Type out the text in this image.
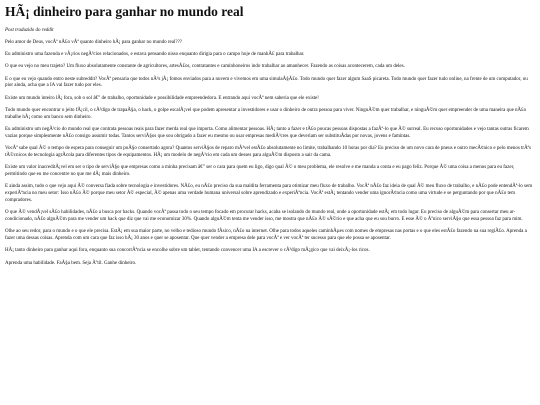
HÃ¡ dinheiro para ganhar no mundo real
Post traduzido do reddit

Pelo amor de Deus, vocÃª nÃ£o vÃª quanto dinheiro hÃ¡ para ganhar no mundo real???

Eu administro uma fazenda e vÃ¡rios negÃ³cios relacionados, e estava pensando nisso enquanto dirigia para o campo hoje de manhÃ£ para trabalhar.

O que eu vejo no meu trajeto? Um fluxo absolutamente constante de agricultores, artesÃ£os, contratantes e caminhoneiros indo trabalhar ao amanhecer. Fazendo as coisas acontecerem, cada um deles.

E o que eu vejo quando entro neste subreddit? VocÃª pensaria que todos nÃ³s jÃ¡ fomos enviados para a nuvem e vivemos em uma simulaÃ§Ã£o. Todo mundo quer fazer algum SaaS picareta. Todo mundo quer fazer tudo online, na frente de um computador, ou pior ainda, acha que a IA vai fazer tudo por eles.

Existe um mundo inteiro lÃ¡ fora, sob o sol â€” de trabalho, oportunidade e possibilidade empreendedora. E entrando aqui vocÃª nem saberia que ele existe!

Todo mundo quer encontrar o jeito fÃ¡cil, o cÃ³digo de trapaÃ§a, o hack, o golpe escalÃ¡vel que podem apresentar a investidores e usar o dinheiro de outra pessoa para viver. NinguÃ©m quer trabalhar, e ninguÃ©m quer empreender de uma maneira que nÃ£o trabalhe hÃ¡ como um banco sem dinheiro.

Eu administro um negÃ³cio do mundo real que contrata pessoas reais para fazer merda real que importa. Como alimentar pessoas. HÃ¡ tanto a fazer e tÃ£o poucas pessoas dispostas a fazÃª-lo que Ã© surreal. Eu recuso oportunidades e vejo tantas outras ficarem vazias porque simplesmente nÃ£o consigo assumir todas. Tantos serviÃ§os que sou obrigado a fazer eu mesmo ou usar empresas mediÃ³cres que deveriam ser substituÃdas por novas, jovens e famintas.

VocÃª sabe qual Ã© o tempo de espera para conseguir um poÃ§o consertado agora? Quantos serviÃ§os de reparo mÃ³vel estÃ£o absolutamente no limite, trabalhando 10 horas por dia? Eu preciso de um novo cara de pneus e outro mecÃ¢nico e pelo menos trÃªs tÃ©cnicos de tecnologia agrÃcola para diferentes tipos de equipamentos. HÃ¡ um modelo de negÃ³cio em cada um desses para alguÃ©m disposto a sair da cama.

Existe um valor inacreditÃ¡vel em ser o tipo de serviÃ§o que empresas como a minha precisam â€” ser o cara para quem eu ligo, digo qual Ã© o meu problema, ele resolve e me manda a conta e eu pago feliz. Porque Ã© uma coisa a menos para eu fazer, permitindo que eu me concentre no que me dÃ¡ mais dinheiro.

E ainda assim, tudo o que vejo aqui Ã© conversa fiada sobre tecnologia e investidores. NÃ£o, eu nÃ£o preciso da sua maldita ferramenta para otimizar meu fluxo de trabalho. VocÃª nÃ£o faz ideia de qual Ã© meu fluxo de trabalho, e nÃ£o pode entendÃª-lo sem experiÃªncia no meu setor: Isso nÃ£o Ã© porque meu setor Ã© especial, Ã© apenas uma verdade humana universal sobre aprendizado e experiÃªncia. VocÃª estÃ¡ tentando vender uma ignorÃ¢ncia como uma virtude e se perguntando por que nÃ£o tem compradores.

O que Ã© vendÃ¡vel sÃ£o habilidades, nÃ£o a busca por hacks. Quando vocÃª passa todo o seu tempo focado em procurar hacks, acaba se isolando do mundo real, onde a oportunidade estÃ¡ em todo lugar. Eu preciso de alguÃ©m para consertar meu ar-condicionado, nÃ£o alguÃ©m para me vender um hack que diz que vai me economizar 30%. Quando alguÃ©m tenta me vender isso, me mostra que nÃ£o Ã© sÃ©rio e que acha que eu sou burro. E esse Ã© o Ãºnico serviÃ§o que essa pessoa faz para mim.

Olhe ao seu redor, para o mundo e o que ele precisa. EstÃ¡ em sua maior parte, no velho e tedioso mundo fÃsico, nÃ£o na internet. Olhe para todos aqueles caminhÃµes com nomes de empresas nas portas e o que eles estÃ£o fazendo na sua regiÃ£o. Aprenda a fazer uma dessas coisas. Aprenda com um cara que faz isso hÃ¡ 30 anos e quer se aposentar. Que quer vender a empresa dele para vocÃª e ver vocÃª ter sucesso para que ele possa se aposentar.

HÃ¡ tanto dinheiro para ganhar aqui fora, enquanto sua concorrÃªncia se encolhe sobre um tablet, tentando convencer uma IA a escrever o cÃ³digo mÃ¡gico que vai deixÃ¡-los ricos.

Aprenda uma habilidade. FaÃ§a bem. Seja Ãºtil. Ganhe dinheiro.
